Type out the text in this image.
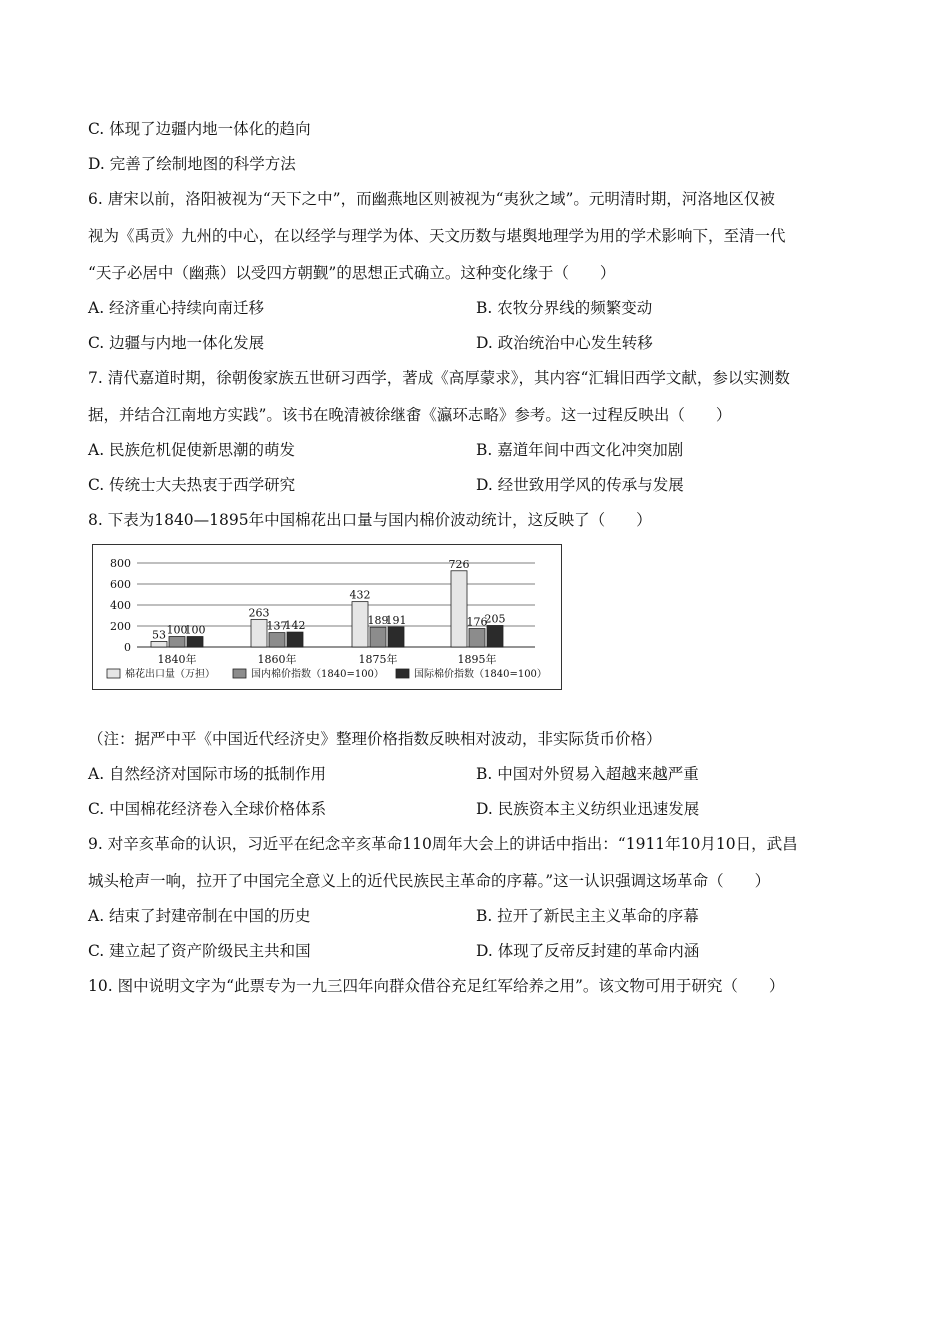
C. 体现了边疆内地一体化的趋向
D. 完善了绘制地图的科学方法
6. 唐宋以前，洛阳被视为“天下之中”，而幽燕地区则被视为“夷狄之域”。元明清时期，河洛地区仅被
视为《禹贡》九州的中心，在以经学与理学为体、天文历数与堪舆地理学为用的学术影响下，至清一代
“天子必居中（幽燕）以受四方朝觐”的思想正式确立。这种变化缘于（　　）
A. 经济重心持续向南迁移	B. 农牧分界线的频繁变动
C. 边疆与内地一体化发展	D. 政治统治中心发生转移
7. 清代嘉道时期，徐朝俊家族五世研习西学，著成《高厚蒙求》，其内容“汇辑旧西学文献，参以实测数
据，并结合江南地方实践”。该书在晚清被徐继畬《瀛环志略》参考。这一过程反映出（　　）
A. 民族危机促使新思潮的萌发	B. 嘉道年间中西文化冲突加剧
C. 传统士大夫热衷于西学研究	D. 经世致用学风的传承与发展
8. 下表为1840—1895年中国棉花出口量与国内棉价波动统计，这反映了（　　）
800
600
400
200
0
53 100
100
1840年
263
137
142
1860年
432
189
191
1875年
726
176
205
1895年
棉花出口量（万担）	国内棉价指数（1840=100）	国际棉价指数（1840=100）
（注：据严中平《中国近代经济史》整理价格指数反映相对波动，非实际货币价格）
A. 自然经济对国际市场的抵制作用	B. 中国对外贸易入超越来越严重
C. 中国棉花经济卷入全球价格体系	D. 民族资本主义纺织业迅速发展
9. 对辛亥革命的认识，习近平在纪念辛亥革命110周年大会上的讲话中指出：“1911年10月10日，武昌
城头枪声一响，拉开了中国完全意义上的近代民族民主革命的序幕。”这一认识强调这场革命（　　）
A. 结束了封建帝制在中国的历史	B. 拉开了新民主主义革命的序幕
C. 建立起了资产阶级民主共和国	D. 体现了反帝反封建的革命内涵
10. 图中说明文字为“此票专为一九三四年向群众借谷充足红军给养之用”。该文物可用于研究（　　）
